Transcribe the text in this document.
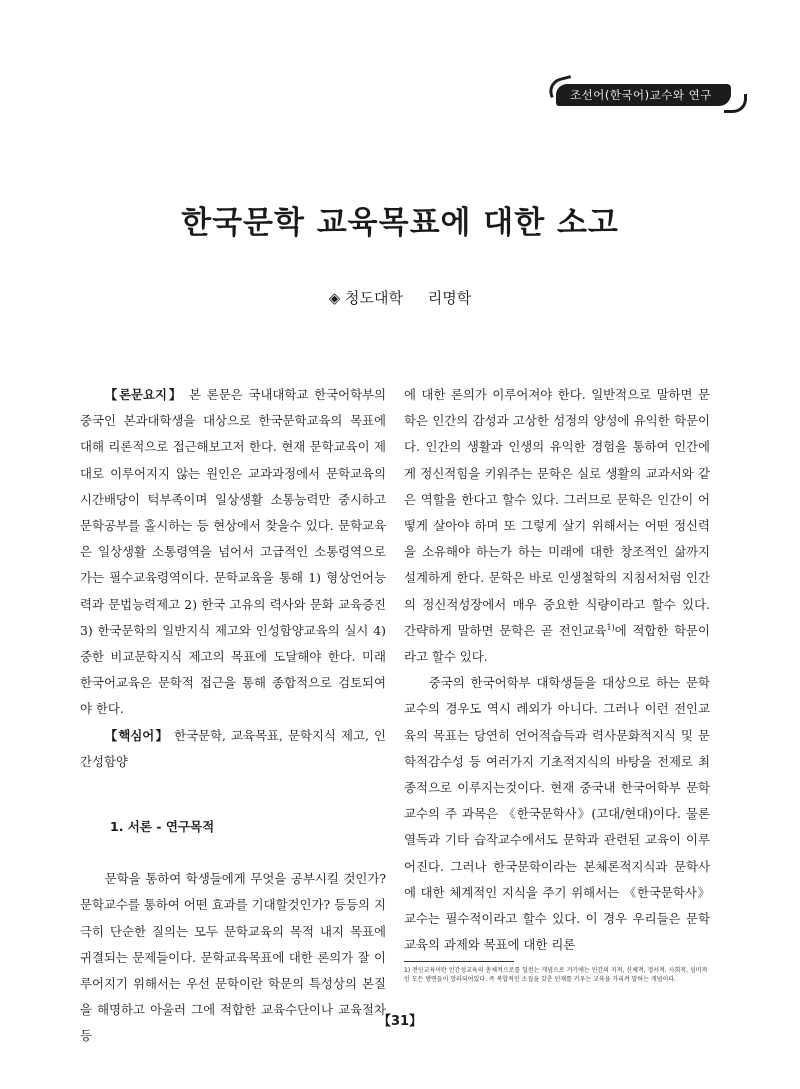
조선어(한국어)교수와 연구
한국문학 교육목표에 대한 소고
◈ 청도대학 리명학

【론문요지】 본 론문은 국내대학교 한국어학부의 중국인 본과대학생을 대상으로 한국문학교육의 목표에 대해 리론적으로 접근해보고저 한다. 현재 문학교육이 제대로 이루어지지 않는 원인은 교과과정에서 문학교육의 시간배당이 턱부족이며 일상생활 소통능력만 중시하고 문학공부를 홀시하는 등 현상에서 찾을수 있다. 문학교육은 일상생활 소통령역을 넘어서 고급적인 소통령역으로 가는 필수교육령역이다. 문학교육을 통해 1) 형상언어능력과 문법능력제고 2) 한국 고유의 력사와 문화 교육증진 3) 한국문학의 일반지식 제고와 인성함양교육의 실시 4) 중한 비교문학지식 제고의 목표에 도달해야 한다. 미래 한국어교육은 문학적 접근을 통해 종합적으로 검토되여야 한다.

【핵심어】 한국문학, 교육목표, 문학지식 제고, 인간성함양

1. 서론 - 연구목적

문학을 통하여 학생들에게 무엇을 공부시킬 것인가? 문학교수를 통하여 어떤 효과를 기대할것인가? 등등의 지극히 단순한 질의는 모두 문학교육의 목적 내지 목표에 귀결되는 문제들이다. 문학교육목표에 대한 론의가 잘 이루어지기 위해서는 우선 문학이란 학문의 특성상의 본질을 해명하고 아울러 그에 적합한 교육수단이나 교육절차 등

에 대한 론의가 이루어져야 한다. 일반적으로 말하면 문학은 인간의 감성과 고상한 성정의 양성에 유익한 학문이다. 인간의 생활과 인생의 유익한 경험을 통하여 인간에게 정신적힘을 키워주는 문학은 실로 생활의 교과서와 같은 역할을 한다고 할수 있다. 그러므로 문학은 인간이 어떻게 살아야 하며 또 그렇게 살기 위해서는 어떤 정신력을 소유해야 하는가 하는 미래에 대한 창조적인 삶까지 설계하게 한다. 문학은 바로 인생철학의 지침서처럼 인간의 정신적성장에서 매우 중요한 식량이라고 할수 있다. 간략하게 말하면 문학은 곧 전인교육$^{1)}$에 적합한 학문이라고 할수 있다.

중국의 한국어학부 대학생들을 대상으로 하는 문학교수의 경우도 역시 례외가 아니다. 그러나 이런 전인교육의 목표는 당연히 언어적습득과 력사문화적지식 및 문학적감수성 등 여러가지 기초적지식의 바탕을 전제로 최종적으로 이루지는것이다. 현재 중국내 한국어학부 문학교수의 주 과목은 《한국문학사》(고대/현대)이다. 물론 열독과 기타 습작교수에서도 문학과 관련된 교육이 이루어진다. 그러나 한국문학이라는 본체론적지식과 문학사에 대한 체계적인 지식을 주기 위해서는 《한국문학사》교수는 필수적이라고 할수 있다. 이 경우 우리들은 문학교육의 과제와 목표에 대한 리론

1) 전인교육이란 인간성교육의 총체적으로를 일컫는 개념으로 거기에는 인간의 지적, 신체적, 정서적, 사회적, 심미적인 모든 방면들이 망라되여있다. 즉 복합적인 소질을 갖춘 인재를 키우는 교육을 가리켜 말하는 개념이다.
【31】
